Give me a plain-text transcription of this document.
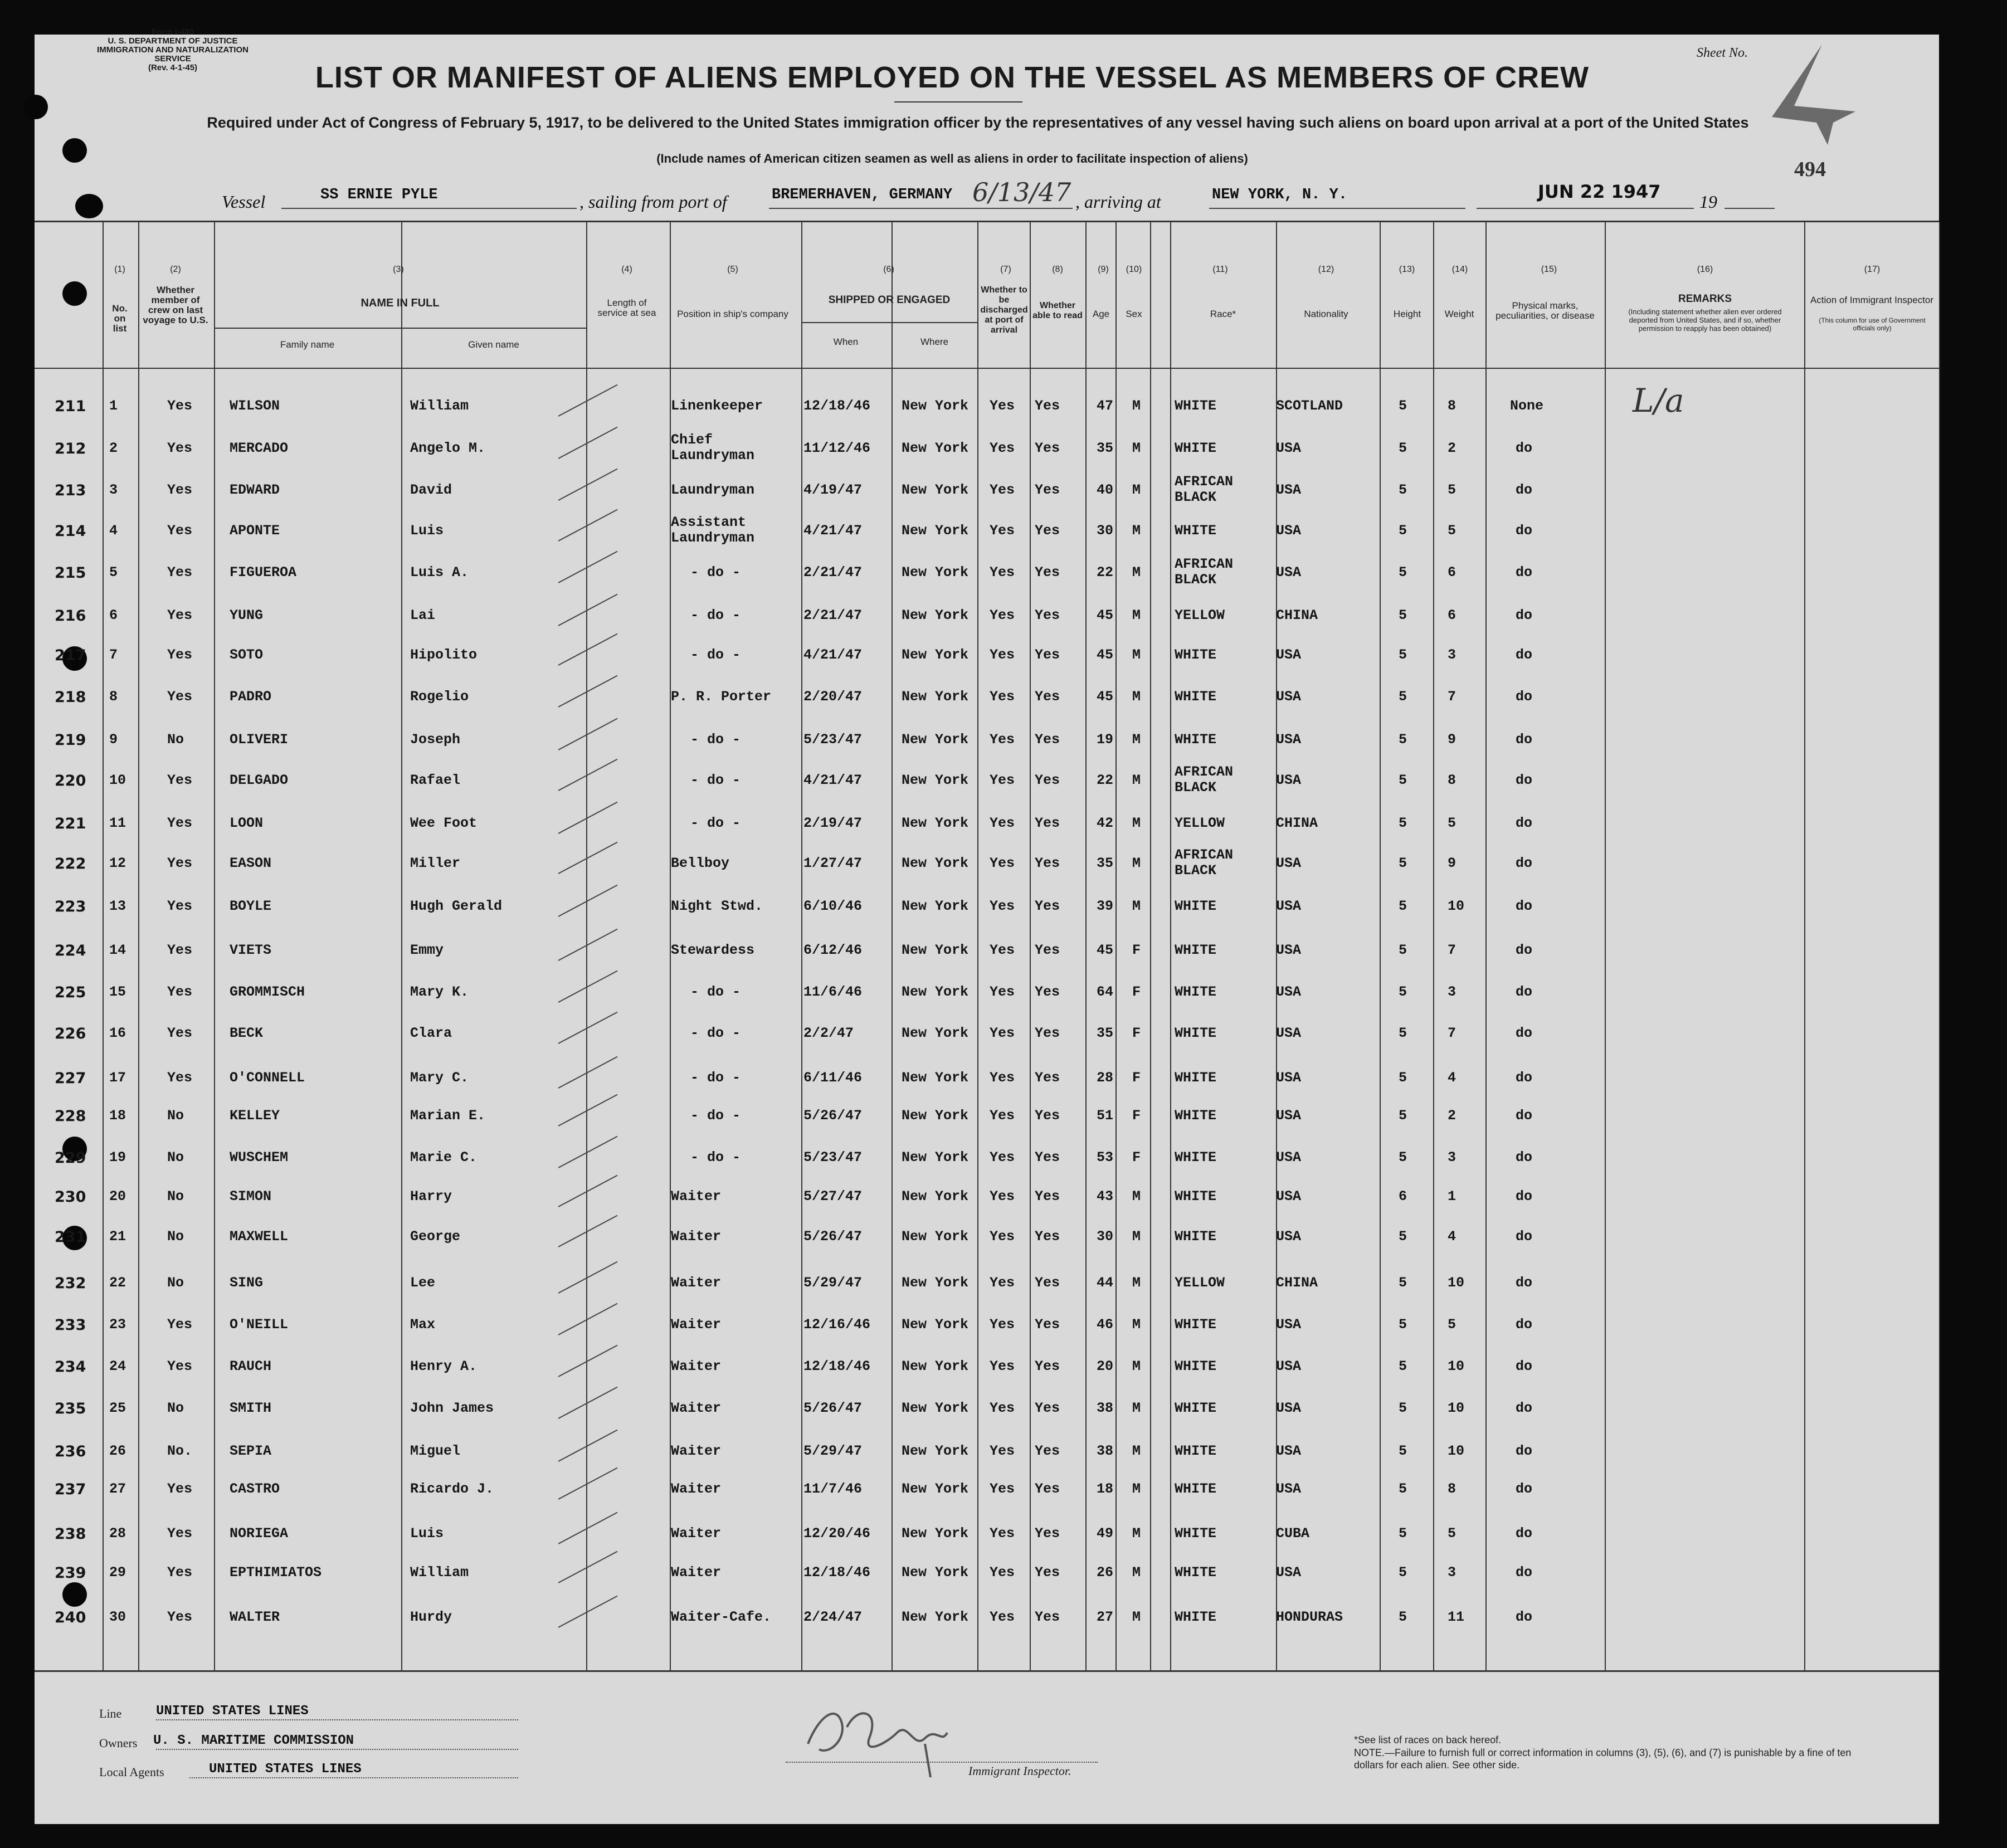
Form I-480
U. S. DEPARTMENT OF JUSTICE
IMMIGRATION AND NATURALIZATION SERVICE
(Rev. 4-1-45)
Sheet No.
LIST OR MANIFEST OF ALIENS EMPLOYED ON THE VESSEL AS MEMBERS OF CREW
Required under Act of Congress of February 5, 1917, to be delivered to the United States immigration officer by the representatives of any vessel having such aliens on board upon arrival at a port of the United States
(Include names of American citizen seamen as well as aliens in order to facilitate inspection of aliens)	494
Vessel	SS ERNIE PYLE	, sailing from port of	BREMERHAVEN, GERMANY 6/13/47 , arriving at	NEW YORK, N. Y.	JUN 22 1947 19
(1)
No. on list
(2)
Whether member of crew on last voyage to U.S.
(3)
NAME IN FULL
Family name	Given name
(4)
Length of service at sea
(5)
Position in ship's company
(6)
SHIPPED OR ENGAGED
When	Where
(7)
Whether to be discharged at port of arrival
(8)
Whether able to read
(9)
Age
(10)
Sex
(11)
Race*
(12)
Nationality
(13)
Height
(14)
Weight
(15)
Physical marks, peculiarities, or disease
(16)
REMARKS
(Including statement whether alien ever ordered deported from United States, and if so, whether permission to reapply has been obtained)
(17)
Action of Immigrant Inspector
(This column for use of Government officials only)
211 1	Yes	WILSON	William	Linenkeeper	12/18/46 New York Yes Yes	47 M WHITE	SCOTLAND	5	8	None
212 2	Yes	MERCADO	Angelo M.
Chief
Laundryman	11/12/46 New York Yes Yes	35 M WHITE	USA	5	2	do
213 3	Yes	EDWARD	David	Laundryman	4/19/47	New York Yes Yes	40 M
AFRICAN
BLACK	USA	5	5	do
214 4	Yes	APONTE	Luis
Assistant
Laundryman	4/21/47	New York Yes Yes	30 M WHITE	USA	5	5	do
215 5	Yes	FIGUEROA	Luis A.	- do -	2/21/47	New York Yes Yes	22 M
AFRICAN
BLACK	USA	5	6	do
216 6	Yes	YUNG	Lai	- do -	2/21/47	New York Yes Yes	45 M YELLOW	CHINA	5	6	do
217 7	Yes	SOTO	Hipolito	- do -	4/21/47	New York Yes Yes	45 M WHITE	USA	5	3	do
218 8	Yes	PADRO	Rogelio	P. R. Porter 2/20/47	New York Yes Yes	45 M WHITE	USA	5	7	do
219 9	No	OLIVERI	Joseph	- do -	5/23/47	New York Yes Yes	19 M WHITE	USA	5	9	do
220 10	Yes	DELGADO	Rafael	- do -	4/21/47	New York Yes Yes	22 M
AFRICAN
BLACK	USA	5	8	do
221 11	Yes	LOON	Wee Foot	- do -	2/19/47	New York Yes Yes	42 M YELLOW	CHINA	5	5	do
222 12	Yes	EASON	Miller	Bellboy	1/27/47	New York Yes Yes	35 M
AFRICAN
BLACK	USA	5	9	do
223 13	Yes	BOYLE	Hugh Gerald	Night Stwd.	6/10/46	New York Yes Yes	39 M WHITE	USA	5	10	do
224 14	Yes	VIETS	Emmy	Stewardess	6/12/46	New York Yes Yes	45 F WHITE	USA	5	7	do
225 15	Yes	GROMMISCH	Mary K.	- do -	11/6/46	New York Yes Yes	64 F WHITE	USA	5	3	do
226 16	Yes	BECK	Clara	- do -	2/2/47	New York Yes Yes	35 F WHITE	USA	5	7	do
227 17	Yes	O'CONNELL	Mary C.	- do -	6/11/46	New York Yes Yes	28 F WHITE	USA	5	4	do
228 18	No	KELLEY	Marian E.	- do -	5/26/47	New York Yes Yes	51 F WHITE	USA	5	2	do
229 19	No	WUSCHEM	Marie C.	- do -	5/23/47	New York Yes Yes	53 F WHITE	USA	5	3	do
230 20	No	SIMON	Harry	Waiter	5/27/47	New York Yes Yes	43 M WHITE	USA	6	1	do
231 21	No	MAXWELL	George	Waiter	5/26/47	New York Yes Yes	30 M WHITE	USA	5	4	do
232 22	No	SING	Lee	Waiter	5/29/47	New York Yes Yes	44 M YELLOW	CHINA	5	10	do
233 23	Yes	O'NEILL	Max	Waiter	12/16/46 New York Yes Yes	46 M WHITE	USA	5	5	do
234 24	Yes	RAUCH	Henry A.	Waiter	12/18/46 New York Yes Yes	20 M WHITE	USA	5	10	do
235 25	No	SMITH	John James	Waiter	5/26/47	New York Yes Yes	38 M WHITE	USA	5	10	do
236 26	No.	SEPIA	Miguel	Waiter	5/29/47	New York Yes Yes	38 M WHITE	USA	5	10	do
237 27	Yes	CASTRO	Ricardo J.	Waiter	11/7/46	New York Yes Yes	18 M WHITE	USA	5	8	do
238 28	Yes	NORIEGA	Luis	Waiter	12/20/46 New York Yes Yes	49 M WHITE	CUBA	5	5	do
239 29	Yes	EPTHIMIATOS	William	Waiter	12/18/46 New York Yes Yes	26 M WHITE	USA	5	3	do
240 30	Yes	WALTER	Hurdy	Waiter-Cafe. 2/24/47	New York Yes Yes	27 M WHITE	HONDURAS	5	11	do
L/a
Line	UNITED STATES LINES
Owners U. S. MARITIME COMMISSION
Local Agents	UNITED STATES LINES	Immigrant Inspector.
*See list of races on back hereof.
NOTE.—Failure to furnish full or correct information in columns (3), (5), (6), and (7) is punishable by a fine of ten dollars for each alien. See other side.
